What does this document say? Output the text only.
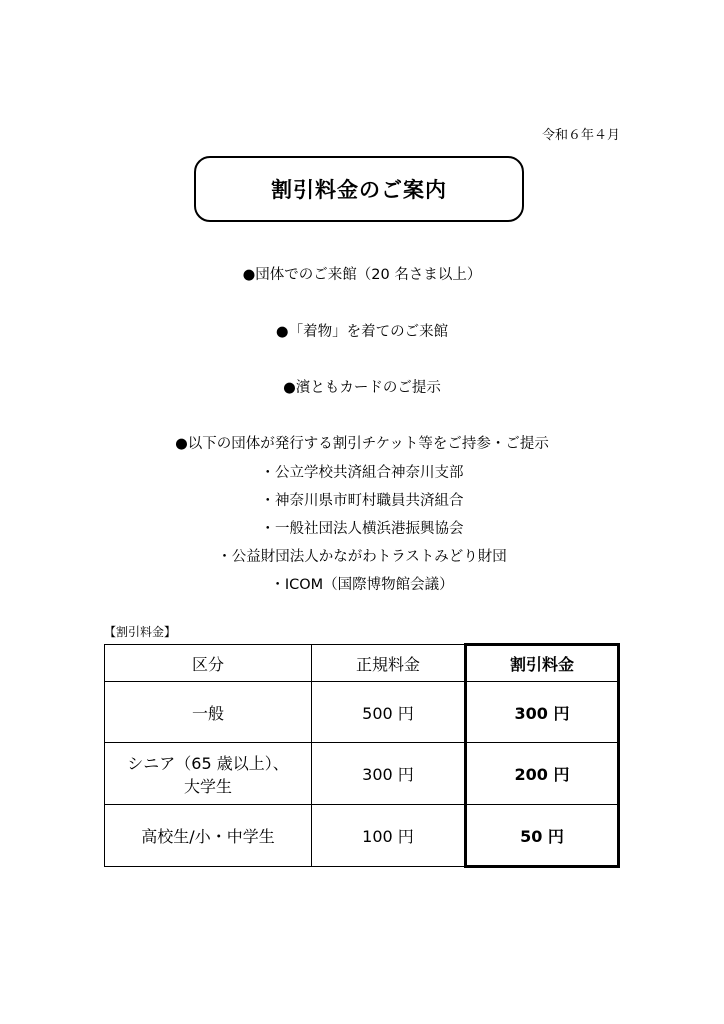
令和６年４月
割引料金のご案内
●団体でのご来館（20 名さま以上）
●「着物」を着てのご来館
●濱ともカードのご提示
●以下の団体が発行する割引チケット等をご持参・ご提示
・公立学校共済組合神奈川支部
・神奈川県市町村職員共済組合
・一般社団法人横浜港振興協会
・公益財団法人かながわトラストみどり財団
・ICOM（国際博物館会議）
【割引料金】
区分	正規料金	割引料金

一般	500 円	300 円

シニア（65 歳以上）、
大学生	300 円	200 円

高校生/小・中学生	100 円	50 円
